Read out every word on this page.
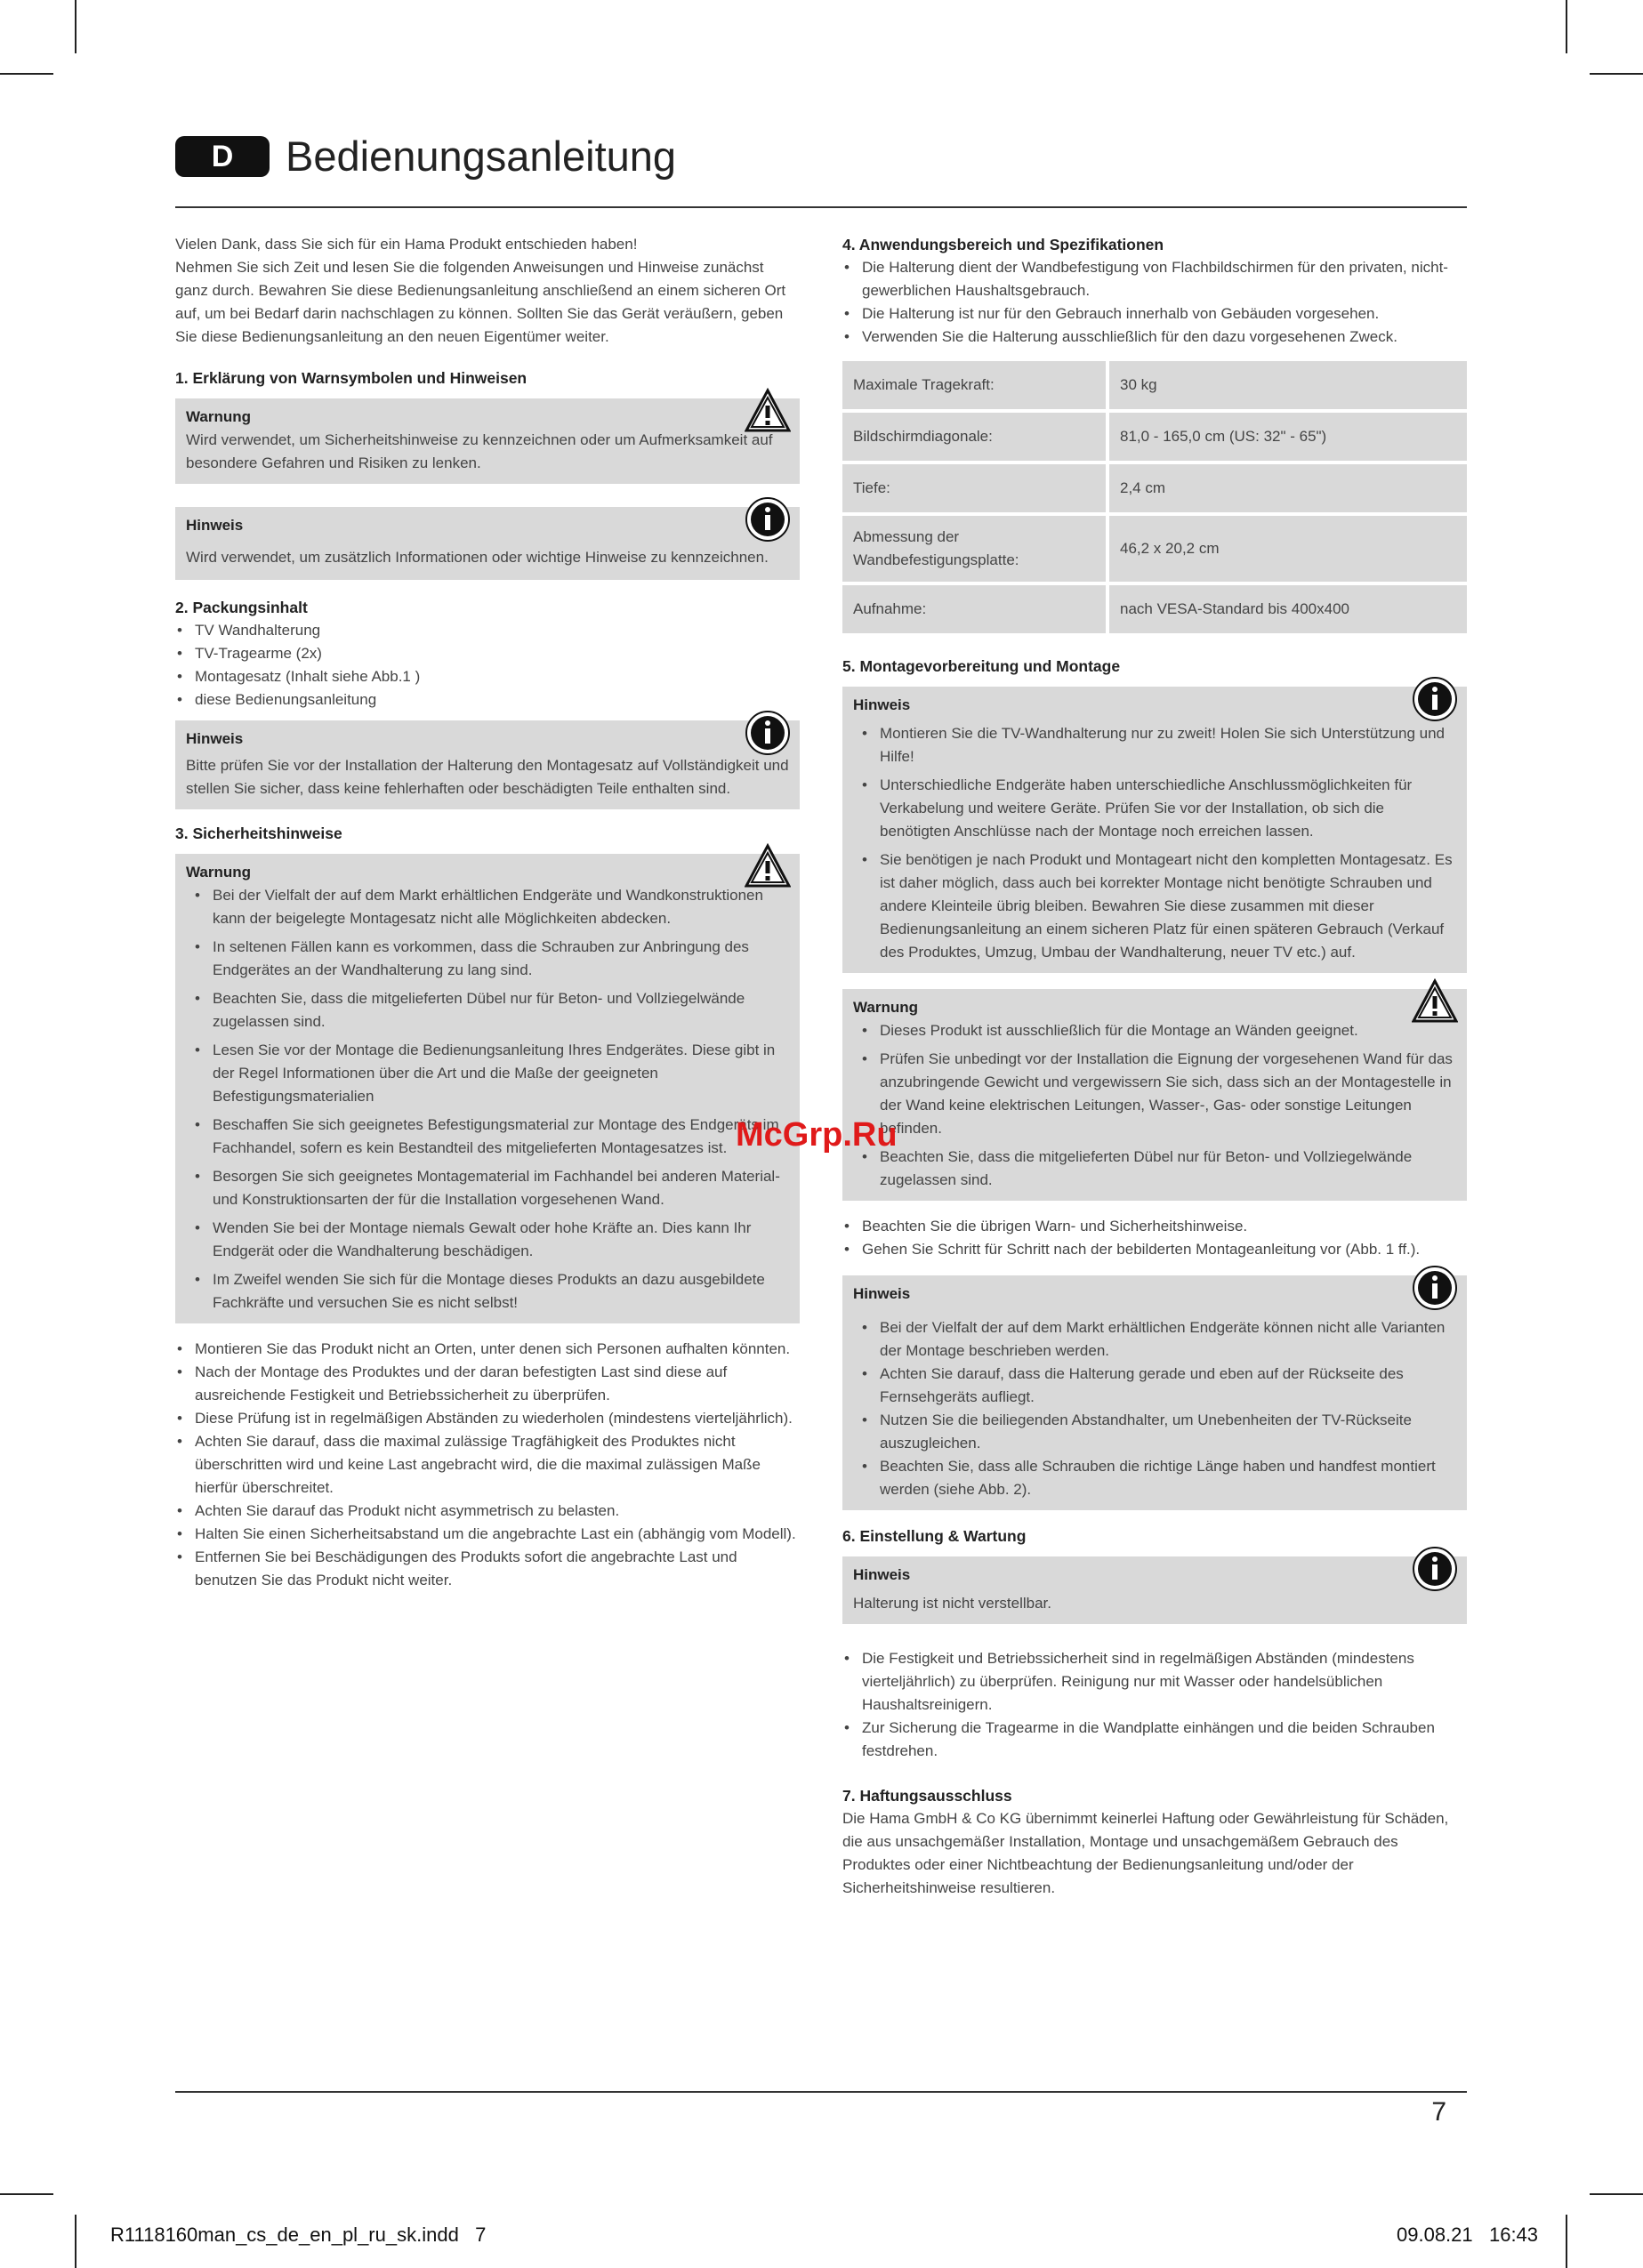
D	Bedienungsanleitung

Vielen Dank, dass Sie sich für ein Hama Produkt entschieden haben!

Nehmen Sie sich Zeit und lesen Sie die folgenden Anweisungen und Hinweise zunächst ganz durch. Bewahren Sie diese Bedienungsanleitung anschließend an einem sicheren Ort auf, um bei Bedarf darin nachschlagen zu können. Sollten Sie das Gerät veräußern, geben Sie diese Bedienungsanleitung an den neuen Eigentümer weiter.

1. Erklärung von Warnsymbolen und Hinweisen

Warnung
Wird verwendet, um Sicherheitshinweise zu kennzeichnen oder um Aufmerksamkeit auf besondere Gefahren und Risiken zu lenken.
Hinweis
Wird verwendet, um zusätzlich Informationen oder wichtige Hinweise zu kennzeichnen.

2. Packungsinhalt

• TV Wandhalterung
• TV-Tragearme (2x)
• Montagesatz (Inhalt siehe Abb.1 )
• diese Bedienungsanleitung
Hinweis
Bitte prüfen Sie vor der Installation der Halterung den Montagesatz auf Vollständigkeit und stellen Sie sicher, dass keine fehlerhaften oder beschädigten Teile enthalten sind.

3. Sicherheitshinweise

Warnung
• Bei der Vielfalt der auf dem Markt erhältlichen Endgeräte und Wandkonstruktionen kann der beigelegte Montagesatz nicht alle Möglichkeiten abdecken.
• In seltenen Fällen kann es vorkommen, dass die Schrauben zur Anbringung des Endgerätes an der Wandhalterung zu lang sind.
• Beachten Sie, dass die mitgelieferten Dübel nur für Beton- und Vollziegelwände zugelassen sind.
• Lesen Sie vor der Montage die Bedienungsanleitung Ihres Endgerätes. Diese gibt in der Regel Informationen über die Art und die Maße der geeigneten Befestigungsmaterialien
• Beschaffen Sie sich geeignetes Befestigungsmaterial zur Montage des Endgeräts im Fachhandel, sofern es kein Bestandteil des mitgelieferten Montagesatzes ist.
• Besorgen Sie sich geeignetes Montagematerial im Fachhandel bei anderen Material- und Konstruktionsarten der für die Installation vorgesehenen Wand.
• Wenden Sie bei der Montage niemals Gewalt oder hohe Kräfte an. Dies kann Ihr Endgerät oder die Wandhalterung beschädigen.
• Im Zweifel wenden Sie sich für die Montage dieses Produkts an dazu ausgebildete Fachkräfte und versuchen Sie es nicht selbst!
• Montieren Sie das Produkt nicht an Orten, unter denen sich Personen aufhalten könnten.
• Nach der Montage des Produktes und der daran befestigten Last sind diese auf ausreichende Festigkeit und Betriebssicherheit zu überprüfen.
• Diese Prüfung ist in regelmäßigen Abständen zu wiederholen (mindestens vierteljährlich).
• Achten Sie darauf, dass die maximal zulässige Tragfähigkeit des Produktes nicht überschritten wird und keine Last angebracht wird, die die maximal zulässigen Maße hierfür überschreitet.
• Achten Sie darauf das Produkt nicht asymmetrisch zu belasten.
• Halten Sie einen Sicherheitsabstand um die angebrachte Last ein (abhängig vom Modell).
• Entfernen Sie bei Beschädigungen des Produkts sofort die angebrachte Last und benutzen Sie das Produkt nicht weiter.

4. Anwendungsbereich und Spezifikationen

• Die Halterung dient der Wandbefestigung von Flachbildschirmen für den privaten, nicht-gewerblichen Haushaltsgebrauch.
• Die Halterung ist nur für den Gebrauch innerhalb von Gebäuden vorgesehen.
• Verwenden Sie die Halterung ausschließlich für den dazu vorgesehenen Zweck.
Maximale Tragekraft:	30 kg
Bildschirmdiagonale:	81,0 - 165,0 cm (US: 32" - 65")
Tiefe:	2,4 cm
Abmessung der Wandbefestigungsplatte:	46,2 x 20,2 cm
Aufnahme:	nach VESA-Standard bis 400x400

5. Montagevorbereitung und Montage

Hinweis
• Montieren Sie die TV-Wandhalterung nur zu zweit! Holen Sie sich Unterstützung und Hilfe!
• Unterschiedliche Endgeräte haben unterschiedliche Anschlussmöglichkeiten für Verkabelung und weitere Geräte. Prüfen Sie vor der Installation, ob sich die benötigten Anschlüsse nach der Montage noch erreichen lassen.
• Sie benötigen je nach Produkt und Montageart nicht den kompletten Montagesatz. Es ist daher möglich, dass auch bei korrekter Montage nicht benötigte Schrauben und andere Kleinteile übrig bleiben. Bewahren Sie diese zusammen mit dieser Bedienungsanleitung an einem sicheren Platz für einen späteren Gebrauch (Verkauf des Produktes, Umzug, Umbau der Wandhalterung, neuer TV etc.) auf.
Warnung
• Dieses Produkt ist ausschließlich für die Montage an Wänden geeignet.
• Prüfen Sie unbedingt vor der Installation die Eignung der vorgesehenen Wand für das anzubringende Gewicht und vergewissern Sie sich, dass sich an der Montagestelle in der Wand keine elektrischen Leitungen, Wasser-, Gas- oder sonstige Leitungen befinden.
• Beachten Sie, dass die mitgelieferten Dübel nur für Beton- und Vollziegelwände zugelassen sind.
• Beachten Sie die übrigen Warn- und Sicherheitshinweise.
• Gehen Sie Schritt für Schritt nach der bebilderten Montageanleitung vor (Abb. 1 ff.).
Hinweis
• Bei der Vielfalt der auf dem Markt erhältlichen Endgeräte können nicht alle Varianten der Montage beschrieben werden.
• Achten Sie darauf, dass die Halterung gerade und eben auf der Rückseite des Fernsehgeräts aufliegt.
• Nutzen Sie die beiliegenden Abstandhalter, um Unebenheiten der TV-Rückseite auszugleichen.
• Beachten Sie, dass alle Schrauben die richtige Länge haben und handfest montiert werden (siehe Abb. 2).

6. Einstellung & Wartung

Hinweis
Halterung ist nicht verstellbar.
• Die Festigkeit und Betriebssicherheit sind in regelmäßigen Abständen (mindestens vierteljährlich) zu überprüfen. Reinigung nur mit Wasser oder handelsüblichen Haushaltsreinigern.
• Zur Sicherung die Tragearme in die Wandplatte einhängen und die beiden Schrauben festdrehen.

7. Haftungsausschluss

Die Hama GmbH & Co KG übernimmt keinerlei Haftung oder Gewährleistung für Schäden, die aus unsachgemäßer Installation, Montage und unsachgemäßem Gebrauch des Produktes oder einer Nichtbeachtung der Bedienungsanleitung und/oder der Sicherheitshinweise resultieren.

McGrp.Ru
7
R1118160man_cs_de_en_pl_ru_sk.indd   7	09.08.21   16:43
